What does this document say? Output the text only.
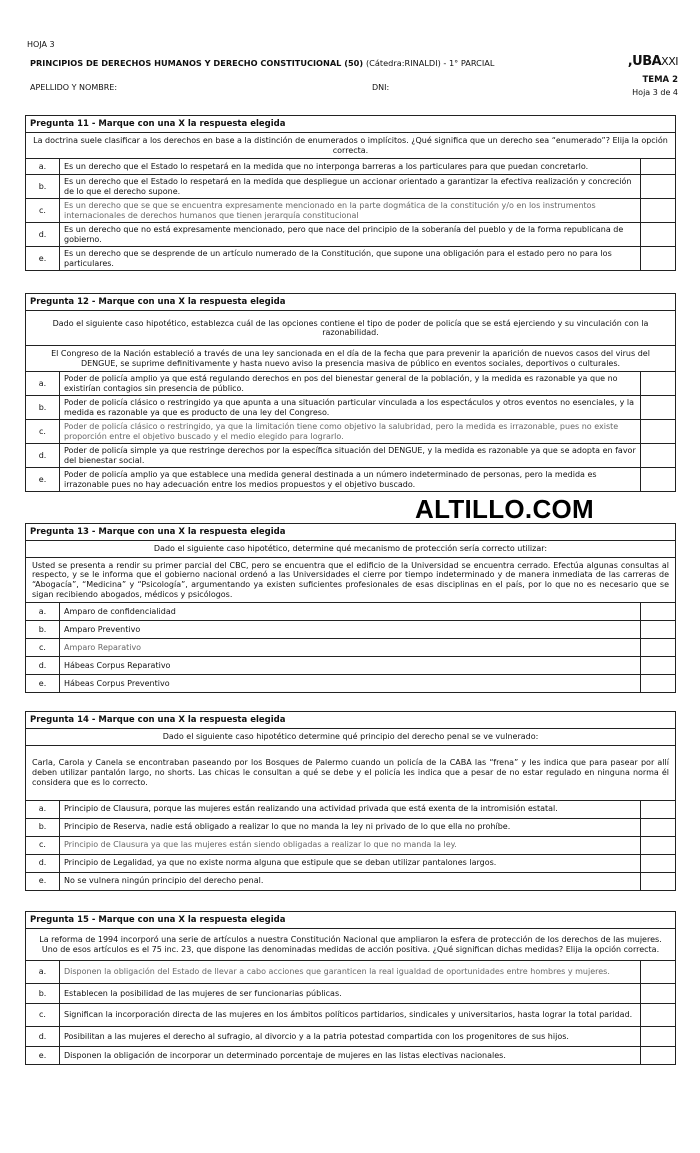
HOJA 3
PRINCIPIOS DE DERECHOS HUMANOS Y DERECHO CONSTITUCIONAL (50) (Cátedra:RINALDI) - 1° PARCIAL	,UBAXXI
TEMA 2
Hoja 3 de 4
APELLIDO Y NOMBRE:	DNI:
Pregunta 11 - Marque con una X la respuesta elegida		
La doctrina suele clasificar a los derechos en base a la distinción de enumerados o implícitos. ¿Qué significa que un derecho sea “enumerado”? Elija la opción correcta.		
a.	Es un derecho que el Estado lo respetará en la medida que no interponga barreras a los particulares para que puedan concretarlo.	
b.	Es un derecho que el Estado lo respetará en la medida que despliegue un accionar orientado a garantizar la efectiva realización y concreción de lo que el derecho supone.	
c.	Es un derecho que se que se encuentra expresamente mencionado en la parte dogmática de la constitución y/o en los instrumentos internacionales de derechos humanos que tienen jerarquía constitucional	
d.	Es un derecho que no está expresamente mencionado, pero que nace del principio de la soberanía del pueblo y de la forma republicana de gobierno.	
e.	Es un derecho que se desprende de un artículo numerado de la Constitución, que supone una obligación para el estado pero no para los particulares.	
Pregunta 12 - Marque con una X la respuesta elegida		
Dado el siguiente caso hipotético, establezca cuál de las opciones contiene el tipo de poder de policía que se está ejerciendo y su vinculación con la razonabilidad.		
El Congreso de la Nación estableció a través de una ley sancionada en el día de la fecha que para prevenir la aparición de nuevos casos del virus del DENGUE, se suprime definitivamente y hasta nuevo aviso la presencia masiva de público en eventos sociales, deportivos o culturales.		
a.	Poder de policía amplio ya que está regulando derechos en pos del bienestar general de la población, y la medida es razonable ya que no existirían contagios sin presencia de público.	
b.	Poder de policía clásico o restringido ya que apunta a una situación particular vinculada a los espectáculos y otros eventos no esenciales, y la medida es razonable ya que es producto de una ley del Congreso.	
c.	Poder de policía clásico o restringido, ya que la limitación tiene como objetivo la salubridad, pero la medida es irrazonable, pues no existe proporción entre el objetivo buscado y el medio elegido para lograrlo.	
d.	Poder de policía simple ya que restringe derechos por la específica situación del DENGUE, y la medida es razonable ya que se adopta en favor del bienestar social.	
e.	Poder de policía amplio ya que establece una medida general destinada a un número indeterminado de personas, pero la medida es irrazonable pues no hay adecuación entre los medios propuestos y el objetivo buscado.	
ALTILLO.COM
Pregunta 13 - Marque con una X la respuesta elegida		
Dado el siguiente caso hipotético, determine qué mecanismo de protección sería correcto utilizar:		
Usted se presenta a rendir su primer parcial del CBC, pero se encuentra que el edificio de la Universidad se encuentra cerrado. Efectúa algunas consultas al respecto, y se le informa que el gobierno nacional ordenó a las Universidades el cierre por tiempo indeterminado y de manera inmediata de las carreras de “Abogacía”, “Medicina” y “Psicología”, argumentando ya existen suficientes profesionales de esas disciplinas en el país, por lo que no es necesario que se sigan recibiendo abogados, médicos y psicólogos.		
a.	Amparo de confidencialidad	
b.	Amparo Preventivo	
c.	Amparo Reparativo	
d.	Hábeas Corpus Reparativo	
e.	Hábeas Corpus Preventivo	
Pregunta 14 - Marque con una X la respuesta elegida		
Dado el siguiente caso hipotético determine qué principio del derecho penal se ve vulnerado:		
Carla, Carola y Canela se encontraban paseando por los Bosques de Palermo cuando un policía de la CABA las “frena” y les indica que para pasear por allí deben utilizar pantalón largo, no shorts. Las chicas le consultan a qué se debe y el policía les indica que a pesar de no estar regulado en ninguna norma él considera que es lo correcto.		
a.	Principio de Clausura, porque las mujeres están realizando una actividad privada que está exenta de la intromisión estatal.	
b.	Principio de Reserva, nadie está obligado a realizar lo que no manda la ley ni privado de lo que ella no prohíbe.	
c.	Principio de Clausura ya que las mujeres están siendo obligadas a realizar lo que no manda la ley.	
d.	Principio de Legalidad, ya que no existe norma alguna que estipule que se deban utilizar pantalones largos.	
e.	No se vulnera ningún principio del derecho penal.	
Pregunta 15 - Marque con una X la respuesta elegida		
La reforma de 1994 incorporó una serie de artículos a nuestra Constitución Nacional que ampliaron la esfera de protección de los derechos de las mujeres. Uno de esos artículos es el 75 inc. 23, que dispone las denominadas medidas de acción positiva. ¿Qué significan dichas medidas? Elija la opción correcta.		
a.	Disponen la obligación del Estado de llevar a cabo acciones que garanticen la real igualdad de oportunidades entre hombres y mujeres.	
b.	Establecen la posibilidad de las mujeres de ser funcionarias públicas.	
c.	Significan la incorporación directa de las mujeres en los ámbitos políticos partidarios, sindicales y universitarios, hasta lograr la total paridad.	
d.	Posibilitan a las mujeres el derecho al sufragio, al divorcio y a la patria potestad compartida con los progenitores de sus hijos.	
e.	Disponen la obligación de incorporar un determinado porcentaje de mujeres en las listas electivas nacionales.	
